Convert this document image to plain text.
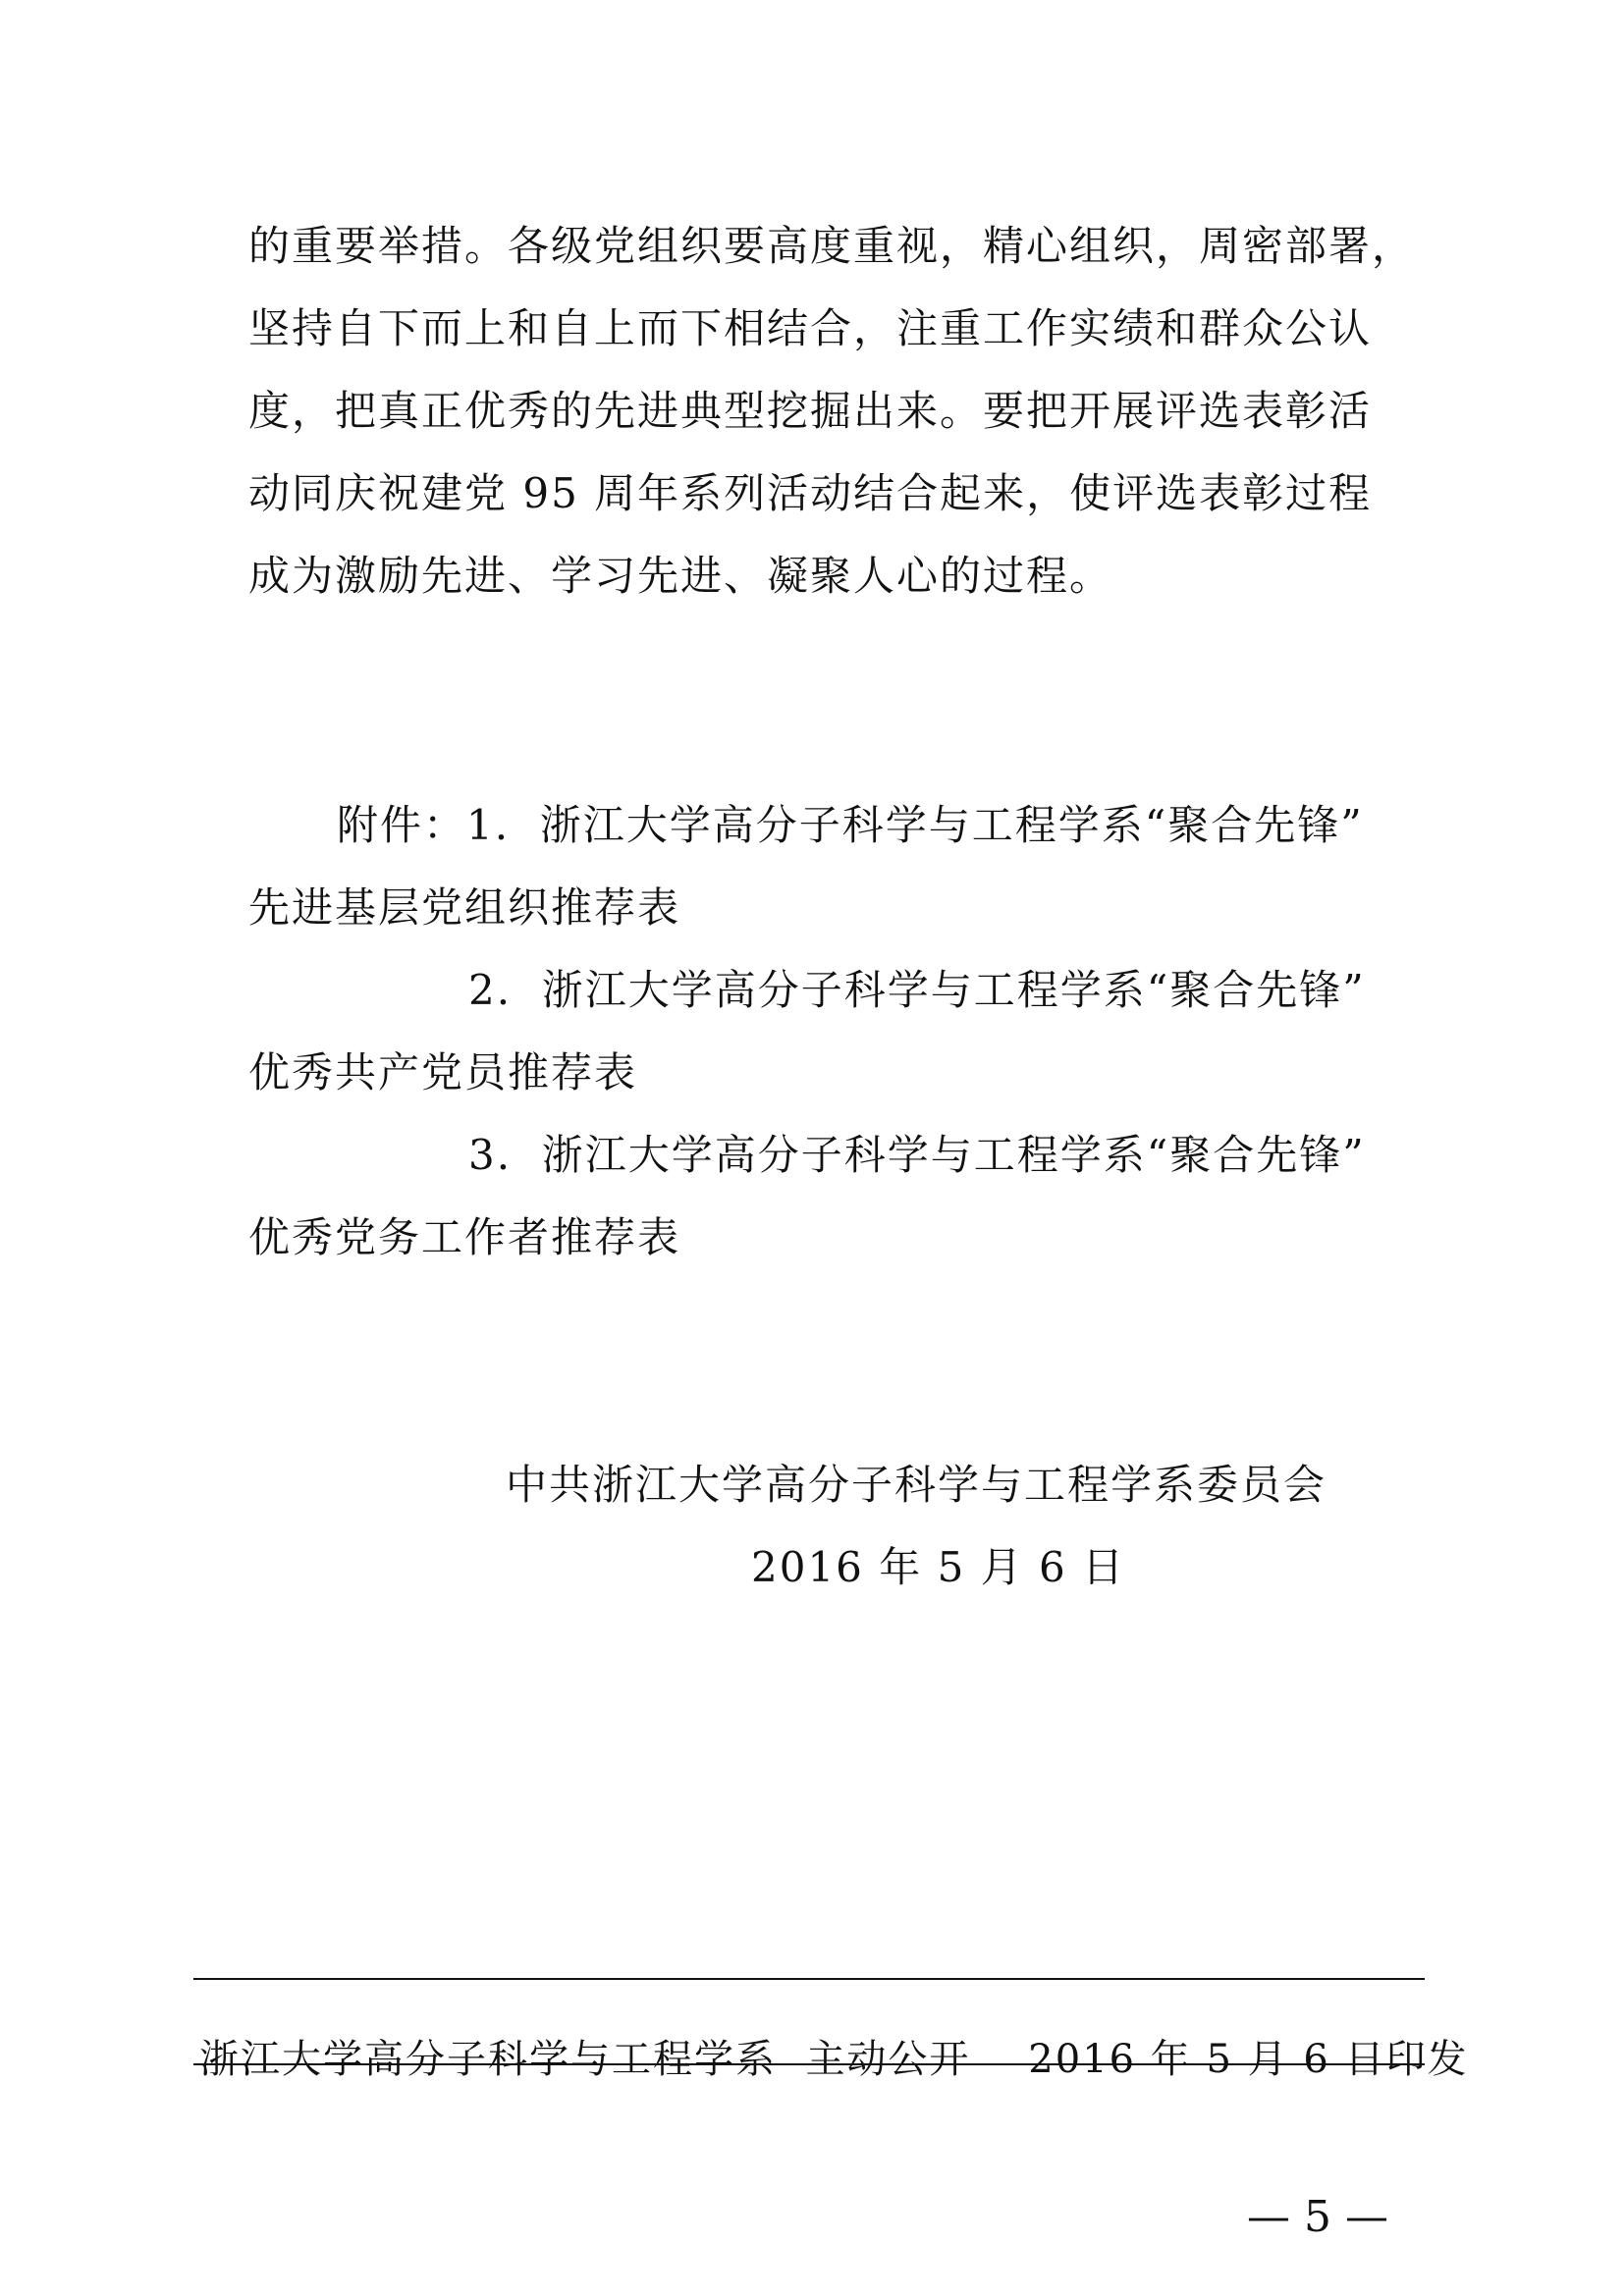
的重要举措。各级党组织要高度重视，精心组织，周密部署，

坚持自下而上和自上而下相结合，注重工作实绩和群众公认

度，把真正优秀的先进典型挖掘出来。要把开展评选表彰活

动同庆祝建党 95 周年系列活动结合起来，使评选表彰过程

成为激励先进、学习先进、凝聚人心的过程。

附件：1. 浙江大学高分子科学与工程学系“聚合先锋”

先进基层党组织推荐表

2. 浙江大学高分子科学与工程学系“聚合先锋”

优秀共产党员推荐表

3. 浙江大学高分子科学与工程学系“聚合先锋”

优秀党务工作者推荐表

中共浙江大学高分子科学与工程学系委员会

2016 年 5 月 6 日

浙江大学高分子科学与工程学系 主动公开 2016 年 5 月 6 日印发

— 5 —
